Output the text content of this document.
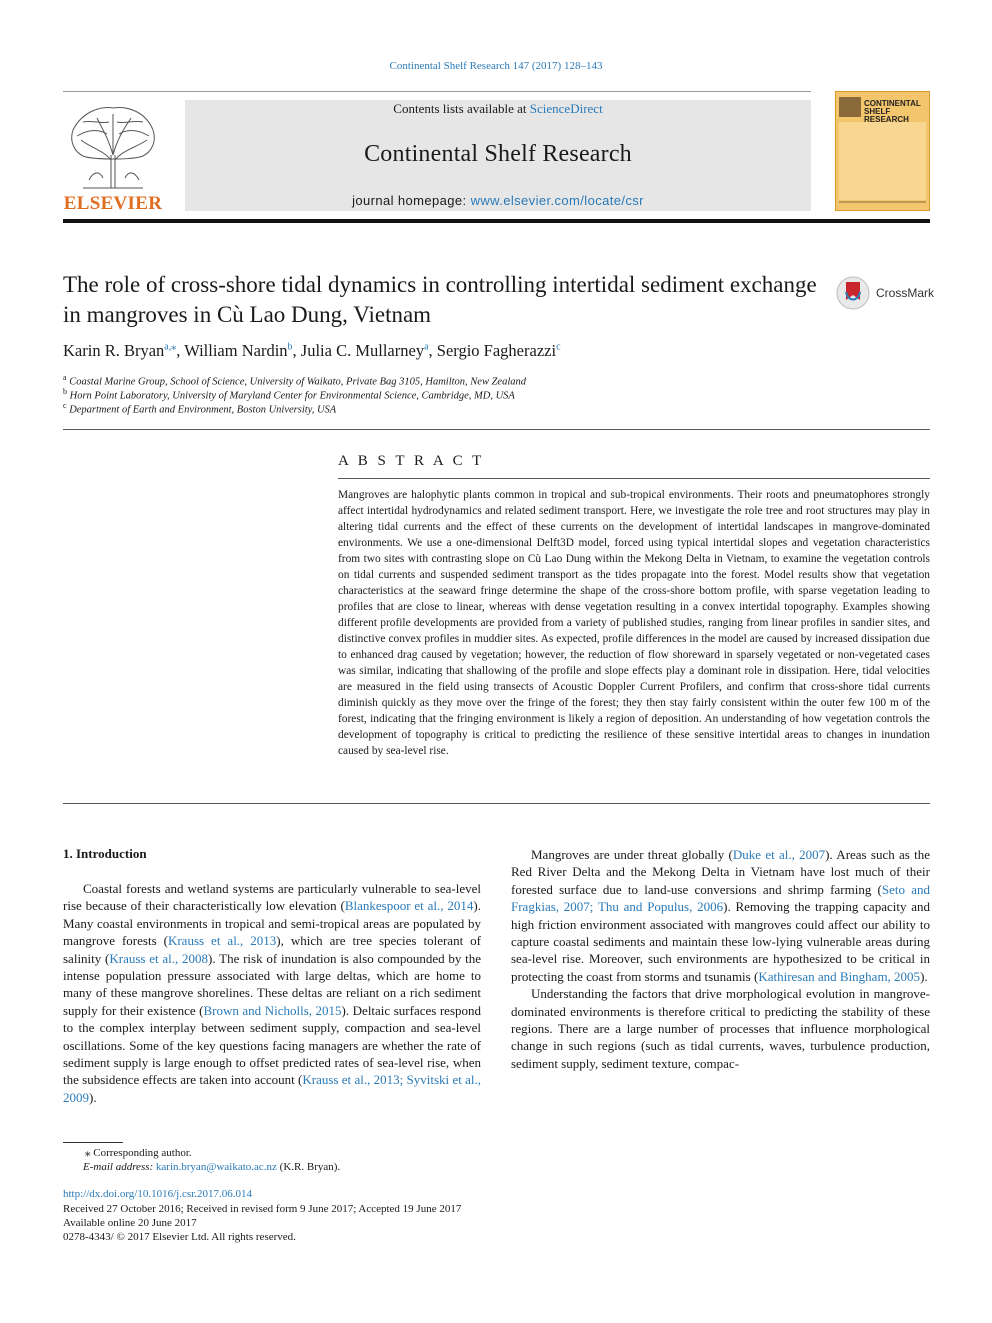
Continental Shelf Research 147 (2017) 128–143
Contents lists available at ScienceDirect
Continental Shelf Research
journal homepage: www.elsevier.com/locate/csr
ELSEVIER
CONTINENTAL SHELF RESEARCH
The role of cross-shore tidal dynamics in controlling intertidal sediment exchange in mangroves in Cù Lao Dung, Vietnam
CrossMark
Karin R. Bryan$^{a,⁎}$, William Nardin$^b$, Julia C. Mullarney$^a$, Sergio Fagherazzi$^c$
$^a$ Coastal Marine Group, School of Science, University of Waikato, Private Bag 3105, Hamilton, New Zealand
$^b$ Horn Point Laboratory, University of Maryland Center for Environmental Science, Cambridge, MD, USA
$^c$ Department of Earth and Environment, Boston University, USA
A B S T R A C T
Mangroves are halophytic plants common in tropical and sub-tropical environments. Their roots and pneumatophores strongly affect intertidal hydrodynamics and related sediment transport. Here, we investigate the role tree and root structures may play in altering tidal currents and the effect of these currents on the development of intertidal landscapes in mangrove-dominated environments. We use a one-dimensional Delft3D model, forced using typical intertidal slopes and vegetation characteristics from two sites with contrasting slope on Cù Lao Dung within the Mekong Delta in Vietnam, to examine the vegetation controls on tidal currents and suspended sediment transport as the tides propagate into the forest. Model results show that vegetation characteristics at the seaward fringe determine the shape of the cross-shore bottom profile, with sparse vegetation leading to profiles that are close to linear, whereas with dense vegetation resulting in a convex intertidal topography. Examples showing different profile developments are provided from a variety of published studies, ranging from linear profiles in sandier sites, and distinctive convex profiles in muddier sites. As expected, profile differences in the model are caused by increased dissipation due to enhanced drag caused by vegetation; however, the reduction of flow shoreward in sparsely vegetated or non-vegetated cases was similar, indicating that shallowing of the profile and slope effects play a dominant role in dissipation. Here, tidal velocities are measured in the field using transects of Acoustic Doppler Current Profilers, and confirm that cross-shore tidal currents diminish quickly as they move over the fringe of the forest; they then stay fairly consistent within the outer few 100 m of the forest, indicating that the fringing environment is likely a region of deposition. An understanding of how vegetation controls the development of topography is critical to predicting the resilience of these sensitive intertidal areas to changes in inundation caused by sea-level rise.
1. Introduction

Coastal forests and wetland systems are particularly vulnerable to sea-level rise because of their characteristically low elevation (Blankespoor et al., 2014). Many coastal environments in tropical and semi-tropical areas are populated by mangrove forests (Krauss et al., 2013), which are tree species tolerant of salinity (Krauss et al., 2008). The risk of inundation is also compounded by the intense population pressure associated with large deltas, which are home to many of these mangrove shorelines. These deltas are reliant on a rich sediment supply for their existence (Brown and Nicholls, 2015). Deltaic surfaces respond to the complex interplay between sediment supply, compaction and sea-level oscillations. Some of the key questions facing managers are whether the rate of sediment supply is large enough to offset predicted rates of sea-level rise, when the subsidence effects are taken into account (Krauss et al., 2013; Syvitski et al., 2009).

Mangroves are under threat globally (Duke et al., 2007). Areas such as the Red River Delta and the Mekong Delta in Vietnam have lost much of their forested surface due to land-use conversions and shrimp farming (Seto and Fragkias, 2007; Thu and Populus, 2006). Removing the trapping capacity and high friction environment associated with mangroves could affect our ability to capture coastal sediments and maintain these low-lying vulnerable areas during sea-level rise. Moreover, such environments are hypothesized to be critical in protecting the coast from storms and tsunamis (Kathiresan and Bingham, 2005).

Understanding the factors that drive morphological evolution in mangrove-dominated environments is therefore critical to predicting the stability of these regions. There are a large number of processes that influence morphological change in such regions (such as tidal currents, waves, turbulence production, sediment supply, sediment texture, compac-

⁎ Corresponding author.
E-mail address: karin.bryan@waikato.ac.nz (K.R. Bryan).
http://dx.doi.org/10.1016/j.csr.2017.06.014
Received 27 October 2016; Received in revised form 9 June 2017; Accepted 19 June 2017
Available online 20 June 2017
0278-4343/ © 2017 Elsevier Ltd. All rights reserved.
